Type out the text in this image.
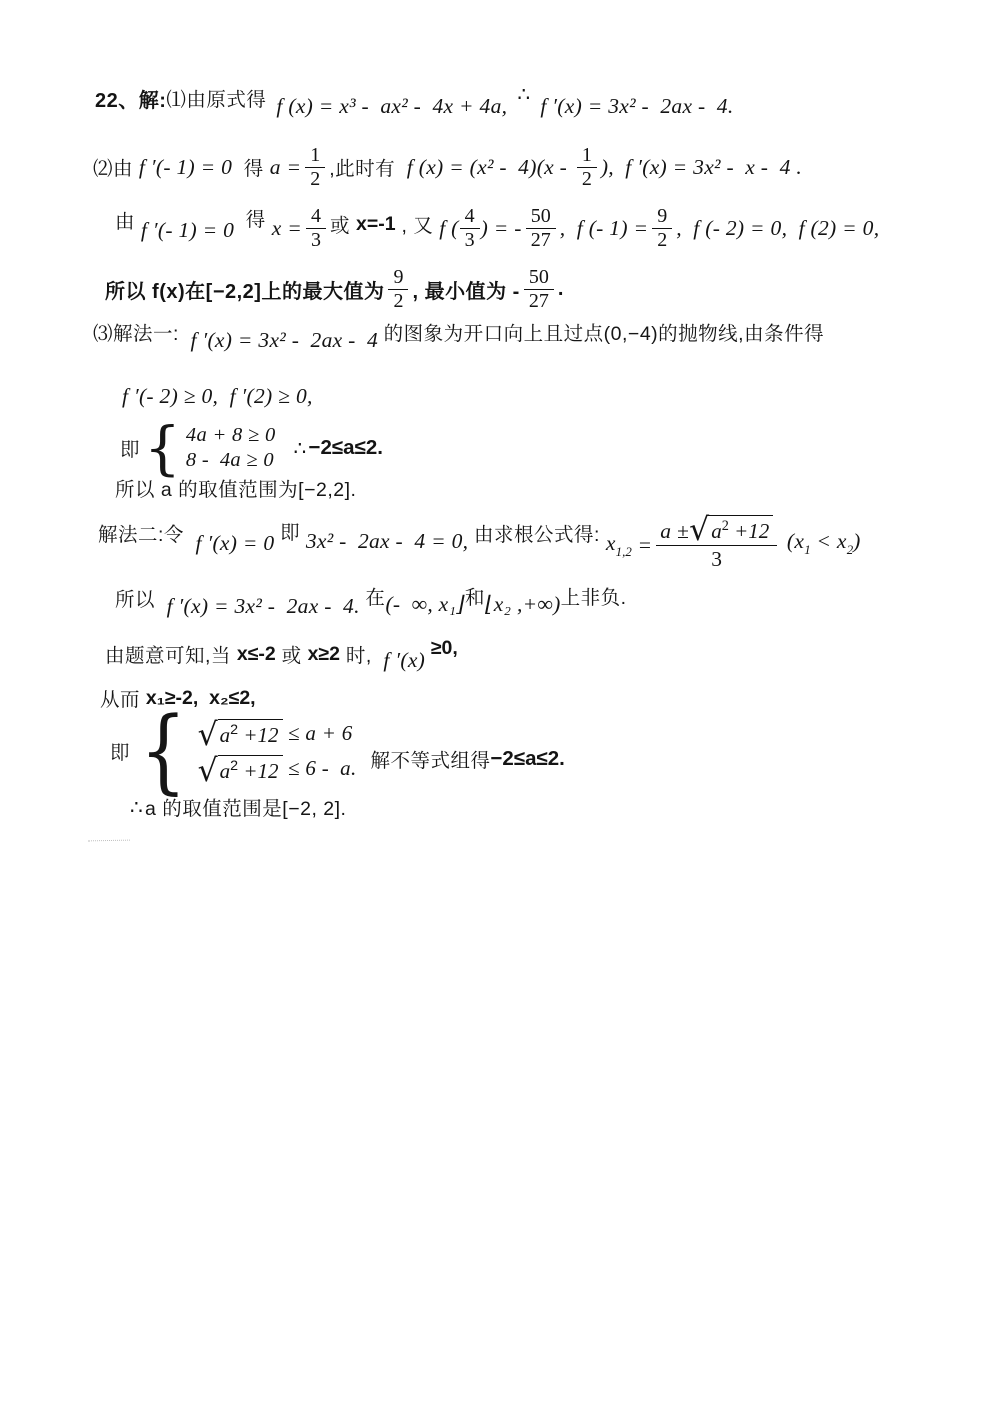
22、解: ⑴由原式得 f (x) = x³ -  ax² -  4x + 4a, ∴ f ′(x) = 3x² -  2ax -  4.
⑵由 f ′(- 1) = 0 得 $a = \frac{1}{2}$ ,此时有 f $(x) = (x^2 - 4)(x - \frac{1}{2}$ ),  f ′(x) = 3x² -  x -  4 .
由 f ′(- 1) = 0 得 $x = \frac{4}{3}$ 或 x=-1 , 又 f ( $\frac{4}{3}$ ) = - $\frac{50}{27}$ ,  f (- $1) = \frac{9}{2}$ ,  f (- 2) = 0,  f (2) = 0,
所以 f(x)在[−2,2]上的最大值为 $\frac{9}{2}$ , 最小值为 - $\frac{50}{27}$ .
⑶解法一: f ′(x) = 3x² -  2ax -  4 的图象为开口向上且过点(0,−4)的抛物线,由条件得
f ′(- 2) ≥ 0,  f ′(2) ≥ 0,
即 { 4a + 8 ≥ 0
8 -  4a ≥ 0
∴ −2≤a≤2.
所以 a 的取值范围为[−2,2].
解法二:令 f ′(x) = 0 即 3x² -  2ax -  4 = 0, 由求根公式得: $x_{1,2} = \frac{a \pm √ a^2 +12}{3} (x_1 < x_2)$
所以 f ′(x) = 3x² -  2ax -  4. 在 (-  ∞, x₁⌋ 和 ⌊x₂ ,+∞) 上非负.
由题意可知,当 x≤-2 或 x≥2 时, f ′(x) ≥0,
从而 x₁≥-2,  x₂≤2,
即 { √ $a^2 +12 \le a + 6$
√ $a^2 +12 \le 6 - a$. 解不等式组得 −2≤a≤2.
∴ a 的取值范围是[−2, 2].
